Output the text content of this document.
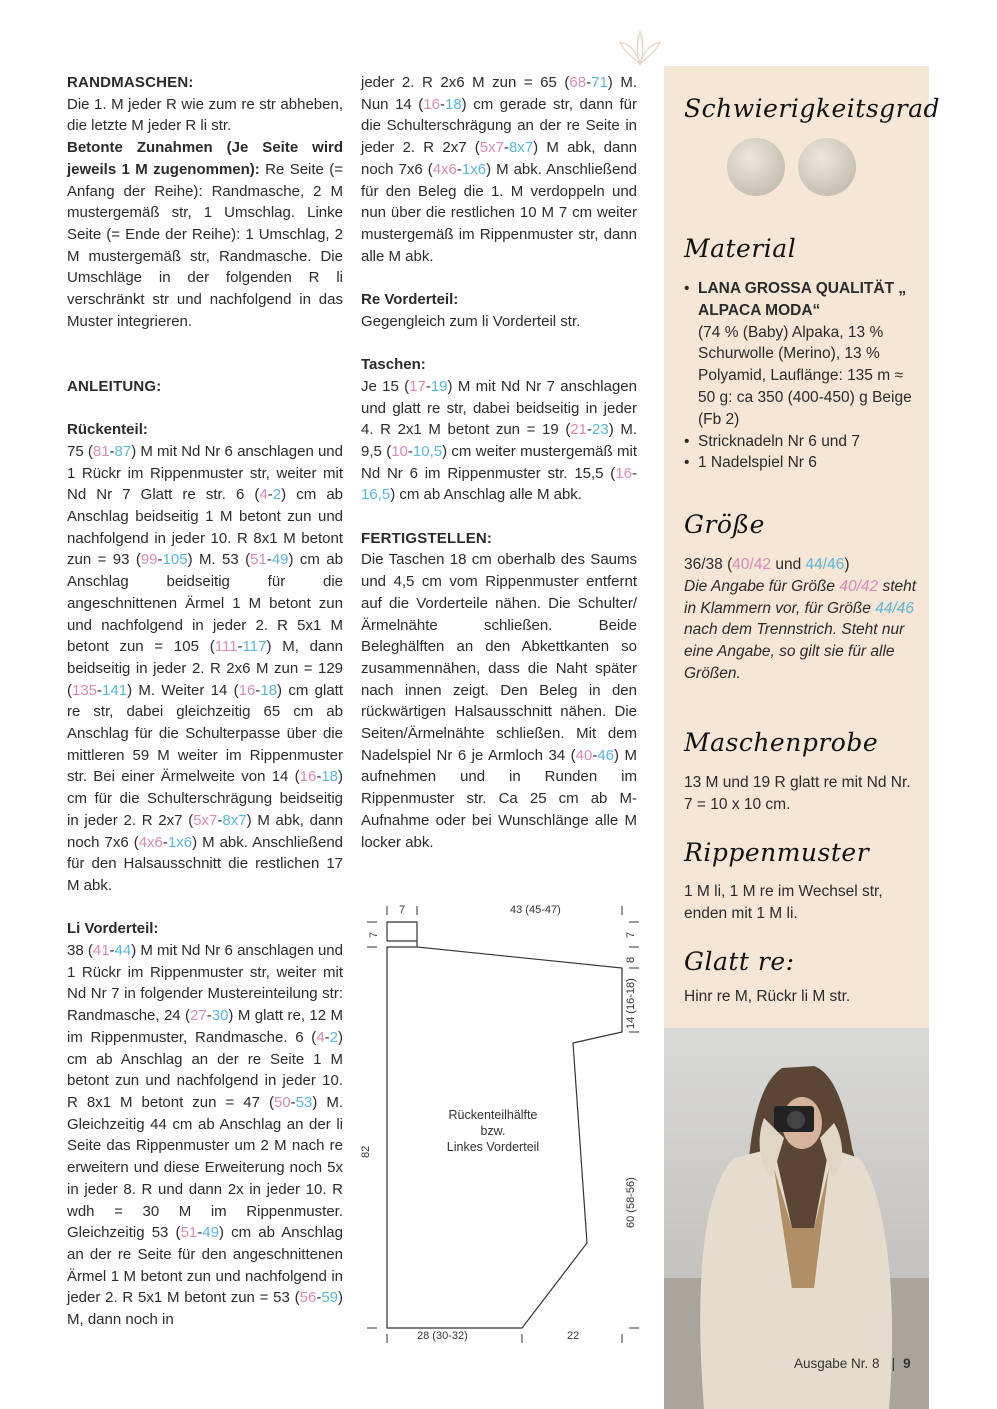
RANDMASCHEN:

Die 1. M jeder R wie zum re str abheben, die letzte M jeder R li str.

Betonte Zunahmen (Je Seite wird jeweils 1 M zugenommen): Re Seite (= Anfang der Reihe): Randmasche, 2 M mustergemäß str, 1 Umschlag. Linke Seite (= Ende der Reihe): 1 Umschlag, 2 M mustergemäß str, Randmasche. Die Umschläge in der folgenden R li verschränkt str und nachfolgend in das Muster integrieren.

ANLEITUNG:
Rückenteil:

75 (81-87) M mit Nd Nr 6 anschlagen und 1 Rückr im Rippenmuster str, weiter mit Nd Nr 7 Glatt re str. 6 (4-2) cm ab Anschlag beidseitig 1 M betont zun und nachfolgend in jeder 10. R 8x1 M betont zun = 93 (99-105) M. 53 (51-49) cm ab Anschlag beidseitig für die angeschnittenen Ärmel 1 M betont zun und nachfolgend in jeder 2. R 5x1 M betont zun = 105 (111-117) M, dann beidseitig in jeder 2. R 2x6 M zun = 129 (135-141) M. Weiter 14 (16-18) cm glatt re str, dabei gleichzeitig 65 cm ab Anschlag für die Schulterpasse über die mittleren 59 M weiter im Rippenmuster str. Bei einer Ärmelweite von 14 (16-18) cm für die Schulterschrägung beidseitig in jeder 2. R 2x7 (5x7-8x7) M abk, dann noch 7x6 (4x6-1x6) M abk. Anschließend für den Halsausschnitt die restlichen 17 M abk.

Li Vorderteil:

38 (41-44) M mit Nd Nr 6 anschlagen und 1 Rückr im Rippenmuster str, weiter mit Nd Nr 7 in folgender Mustereinteilung str: Randmasche, 24 (27-30) M glatt re, 12 M im Rippenmuster, Randmasche. 6 (4-2) cm ab Anschlag an der re Seite 1 M betont zun und nachfolgend in jeder 10. R 8x1 M betont zun = 47 (50-53) M. Gleichzeitig 44 cm ab Anschlag an der li Seite das Rippenmuster um 2 M nach re erweitern und diese Erweiterung noch 5x in jeder 8. R und dann 2x in jeder 10. R wdh = 30 M im Rippenmuster. Gleichzeitig 53 (51-49) cm ab Anschlag an der re Seite für den angeschnittenen Ärmel 1 M betont zun und nachfolgend in jeder 2. R 5x1 M betont zun = 53 (56-59) M, dann noch in

jeder 2. R 2x6 M zun = 65 (68-71) M. Nun 14 (16-18) cm gerade str, dann für die Schulterschrägung an der re Seite in jeder 2. R 2x7 (5x7-8x7) M abk, dann noch 7x6 (4x6-1x6) M abk. Anschließend für den Beleg die 1. M verdoppeln und nun über die restlichen 10 M 7 cm weiter mustergemäß im Rippenmuster str, dann alle M abk.

Re Vorderteil:

Gegengleich zum li Vorderteil str.

Taschen:

Je 15 (17-19) M mit Nd Nr 7 anschlagen und glatt re str, dabei beidseitig in jeder 4. R 2x1 M betont zun = 19 (21-23) M. 9,5 (10-10,5) cm weiter mustergemäß mit Nd Nr 6 im Rippenmuster str. 15,5 (16-16,5) cm ab Anschlag alle M abk.

FERTIGSTELLEN:

Die Taschen 18 cm oberhalb des Saums und 4,5 cm vom Rippenmuster entfernt auf die Vorderteile nähen. Die Schulter/Ärmelnähte schließen. Beide Beleghälften an den Abkettkanten so zusammennähen, dass die Naht später nach innen zeigt. Den Beleg in den rückwärtigen Halsausschnitt nähen. Die Seiten/Ärmelnähte schließen. Mit dem Nadelspiel Nr 6 je Armloch 34 (40-46) M aufnehmen und in Runden im Rippenmuster str. Ca 25 cm ab M-Aufnahme oder bei Wunschlänge alle M locker abk.

7	43 (45-47)
Rückenteilhälfte
bzw.
Linkes Vorderteil
28 (30-32)	22
7
82
7
8
14 (16-18)
60 (58-56)
Schwierigkeitsgrad
Material
• LANA GROSSA QUALITÄT „ ALPACA MODA“
(74 % (Baby) Alpaka, 13 % Schurwolle (Merino), 13 % Polyamid, Lauflänge: 135 m ≈ 50 g: ca 350 (400-450) g Beige (Fb 2)
• Stricknadeln Nr 6 und 7
• 1 Nadelspiel Nr 6
Größe
36/38 (40/42 und 44/46)
Die Angabe für Größe 40/42 steht in Klammern vor, für Größe 44/46 nach dem Trennstrich. Steht nur eine Angabe, so gilt sie für alle Größen.
Maschenprobe
13 M und 19 R glatt re mit Nd Nr. 7 = 10 x 10 cm.
Rippenmuster
1 M li, 1 M re im Wechsel str, enden mit 1 M li.
Glatt re:
Hinr re M, Rückr li M str.
Ausgabe Nr. 8 | 9
